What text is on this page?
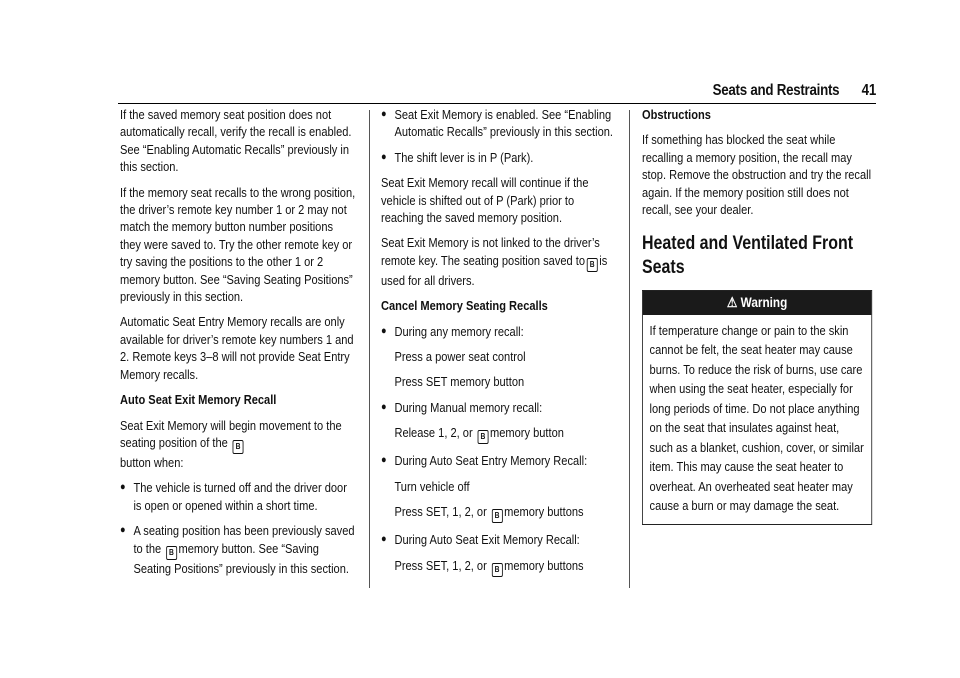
Seats and Restraints 41

If the saved memory seat position does not automatically recall, verify the recall is enabled. See “Enabling Automatic Recalls” previously in this section.

If the memory seat recalls to the wrong position, the driver’s remote key number 1 or 2 may not match the memory button number positions they were saved to. Try the other remote key or try saving the positions to the other 1 or 2 memory button. See “Saving Seating Positions” previously in this section.

Automatic Seat Entry Memory recalls are only available for driver’s remote key numbers 1 and 2. Remote keys 3–8 will not provide Seat Entry Memory recalls.

Auto Seat Exit Memory Recall

Seat Exit Memory will begin movement to the seating position of the B
button when:

● The vehicle is turned off and the driver door is open or opened within a short time.
● A seating position has been previously saved to the B memory button. See “Saving Seating Positions” previously in this section.
● Seat Exit Memory is enabled. See “Enabling Automatic Recalls” previously in this section.
● The shift lever is in P (Park).

Seat Exit Memory recall will continue if the vehicle is shifted out of P (Park) prior to reaching the saved memory position.

Seat Exit Memory is not linked to the driver’s remote key. The seating position saved to B is used for all drivers.

Cancel Memory Seating Recalls

● During any memory recall:

Press a power seat control

Press SET memory button

● During Manual memory recall:

Release 1, 2, or B memory button

● During Auto Seat Entry Memory Recall:

Turn vehicle off

Press SET, 1, 2, or B memory buttons

● During Auto Seat Exit Memory Recall:

Press SET, 1, 2, or B memory buttons

Obstructions

If something has blocked the seat while recalling a memory position, the recall may stop. Remove the obstruction and try the recall again. If the memory position still does not recall, see your dealer.

Heated and Ventilated Front Seats
⚠ Warning
If temperature change or pain to the skin cannot be felt, the seat heater may cause burns. To reduce the risk of burns, use care when using the seat heater, especially for long periods of time. Do not place anything on the seat that insulates against heat, such as a blanket, cushion, cover, or similar item. This may cause the seat heater to overheat. An overheated seat heater may cause a burn or may damage the seat.
